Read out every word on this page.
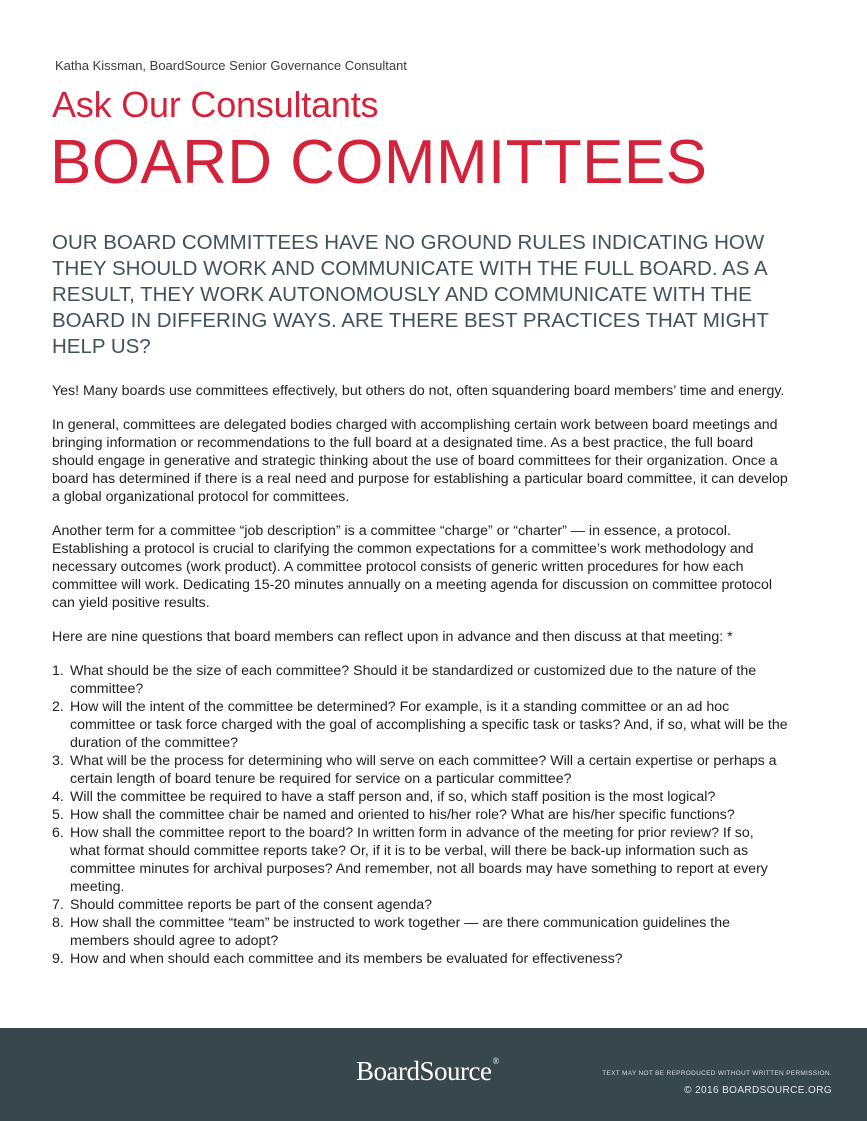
Katha Kissman, BoardSource Senior Governance Consultant
Ask Our Consultants
BOARD COMMITTEES
OUR BOARD COMMITTEES HAVE NO GROUND RULES INDICATING HOW
THEY SHOULD WORK AND COMMUNICATE WITH THE FULL BOARD. AS A
RESULT, THEY WORK AUTONOMOUSLY AND COMMUNICATE WITH THE
BOARD IN DIFFERING WAYS. ARE THERE BEST PRACTICES THAT MIGHT
HELP US?
Yes! Many boards use committees effectively, but others do not, often squandering board members’ time and energy.
In general, committees are delegated bodies charged with accomplishing certain work between board meetings and
bringing information or recommendations to the full board at a designated time. As a best practice, the full board
should engage in generative and strategic thinking about the use of board committees for their organization. Once a
board has determined if there is a real need and purpose for establishing a particular board committee, it can develop
a global organizational protocol for committees.
Another term for a committee “job description” is a committee “charge” or “charter” — in essence, a protocol.
Establishing a protocol is crucial to clarifying the common expectations for a committee’s work methodology and
necessary outcomes (work product). A committee protocol consists of generic written procedures for how each
committee will work. Dedicating 15-20 minutes annually on a meeting agenda for discussion on committee protocol
can yield positive results.
Here are nine questions that board members can reflect upon in advance and then discuss at that meeting: *
1. What should be the size of each committee? Should it be standardized or customized due to the nature of the
committee?
2. How will the intent of the committee be determined? For example, is it a standing committee or an ad hoc
committee or task force charged with the goal of accomplishing a specific task or tasks? And, if so, what will be the
duration of the committee?
3. What will be the process for determining who will serve on each committee? Will a certain expertise or perhaps a
certain length of board tenure be required for service on a particular committee?
4. Will the committee be required to have a staff person and, if so, which staff position is the most logical?
5. How shall the committee chair be named and oriented to his/her role? What are his/her specific functions?
6. How shall the committee report to the board? In written form in advance of the meeting for prior review? If so,
what format should committee reports take? Or, if it is to be verbal, will there be back-up information such as
committee minutes for archival purposes? And remember, not all boards may have something to report at every
meeting.
7. Should committee reports be part of the consent agenda?
8. How shall the committee “team” be instructed to work together — are there communication guidelines the
members should agree to adopt?
9. How and when should each committee and its members be evaluated for effectiveness?
BoardSource®
TEXT MAY NOT BE REPRODUCED WITHOUT WRITTEN PERMISSION.
© 2016 BOARDSOURCE.ORG
